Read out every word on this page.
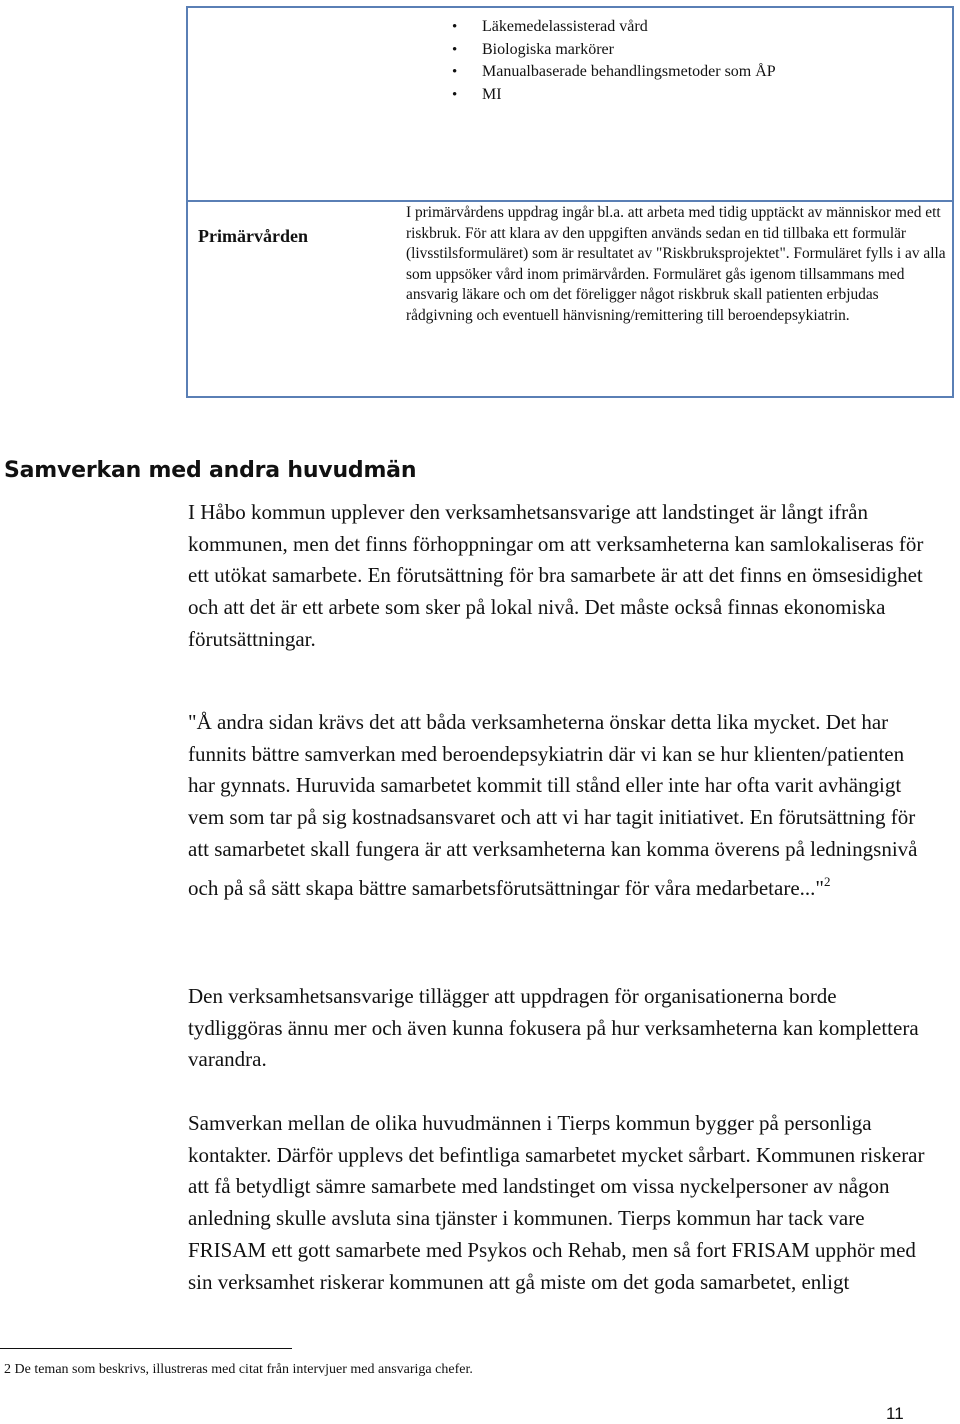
• Läkemedelassisterad vård
• Biologiska markörer
• Manualbaserade behandlingsmetoder som ÅP
• MI
Primärvården

I primärvårdens uppdrag ingår bl.a. att arbeta med tidig upptäckt av människor med ett riskbruk. För att klara av den uppgiften används sedan en tid tillbaka ett formulär (livsstilsformuläret) som är resultatet av "Riskbruksprojektet". Formuläret fylls i av alla som uppsöker vård inom primärvården. Formuläret gås igenom tillsammans med ansvarig läkare och om det föreligger något riskbruk skall patienten erbjudas rådgivning och eventuell hänvisning/remittering till beroendepsykiatrin.

Samverkan med andra huvudmän

I Håbo kommun upplever den verksamhetsansvarige att landstinget är långt ifrån kommunen, men det finns förhoppningar om att verksamheterna kan samlokaliseras för ett utökat samarbete. En förutsättning för bra samarbete är att det finns en ömsesidighet och att det är ett arbete som sker på lokal nivå. Det måste också finnas ekonomiska förutsättningar.

"Å andra sidan krävs det att båda verksamheterna önskar detta lika mycket. Det har funnits bättre samverkan med beroendepsykiatrin där vi kan se hur klienten/patienten har gynnats. Huruvida samarbetet kommit till stånd eller inte har ofta varit avhängigt vem som tar på sig kostnadsansvaret och att vi har tagit initiativet. En förutsättning för att samarbetet skall fungera är att verksamheterna kan komma överens på ledningsnivå och på så sätt skapa bättre samarbetsförutsättningar för våra medarbetare..."$^2$

Den verksamhetsansvarige tillägger att uppdragen för organisationerna borde tydliggöras ännu mer och även kunna fokusera på hur verksamheterna kan komplettera varandra.

Samverkan mellan de olika huvudmännen i Tierps kommun bygger på personliga kontakter. Därför upplevs det befintliga samarbetet mycket sårbart. Kommunen riskerar att få betydligt sämre samarbete med landstinget om vissa nyckelpersoner av någon anledning skulle avsluta sina tjänster i kommunen. Tierps kommun har tack vare FRISAM ett gott samarbete med Psykos och Rehab, men så fort FRISAM upphör med sin verksamhet riskerar kommunen att gå miste om det goda samarbetet, enligt

2 De teman som beskrivs, illustreras med citat från intervjuer med ansvariga chefer.

11
